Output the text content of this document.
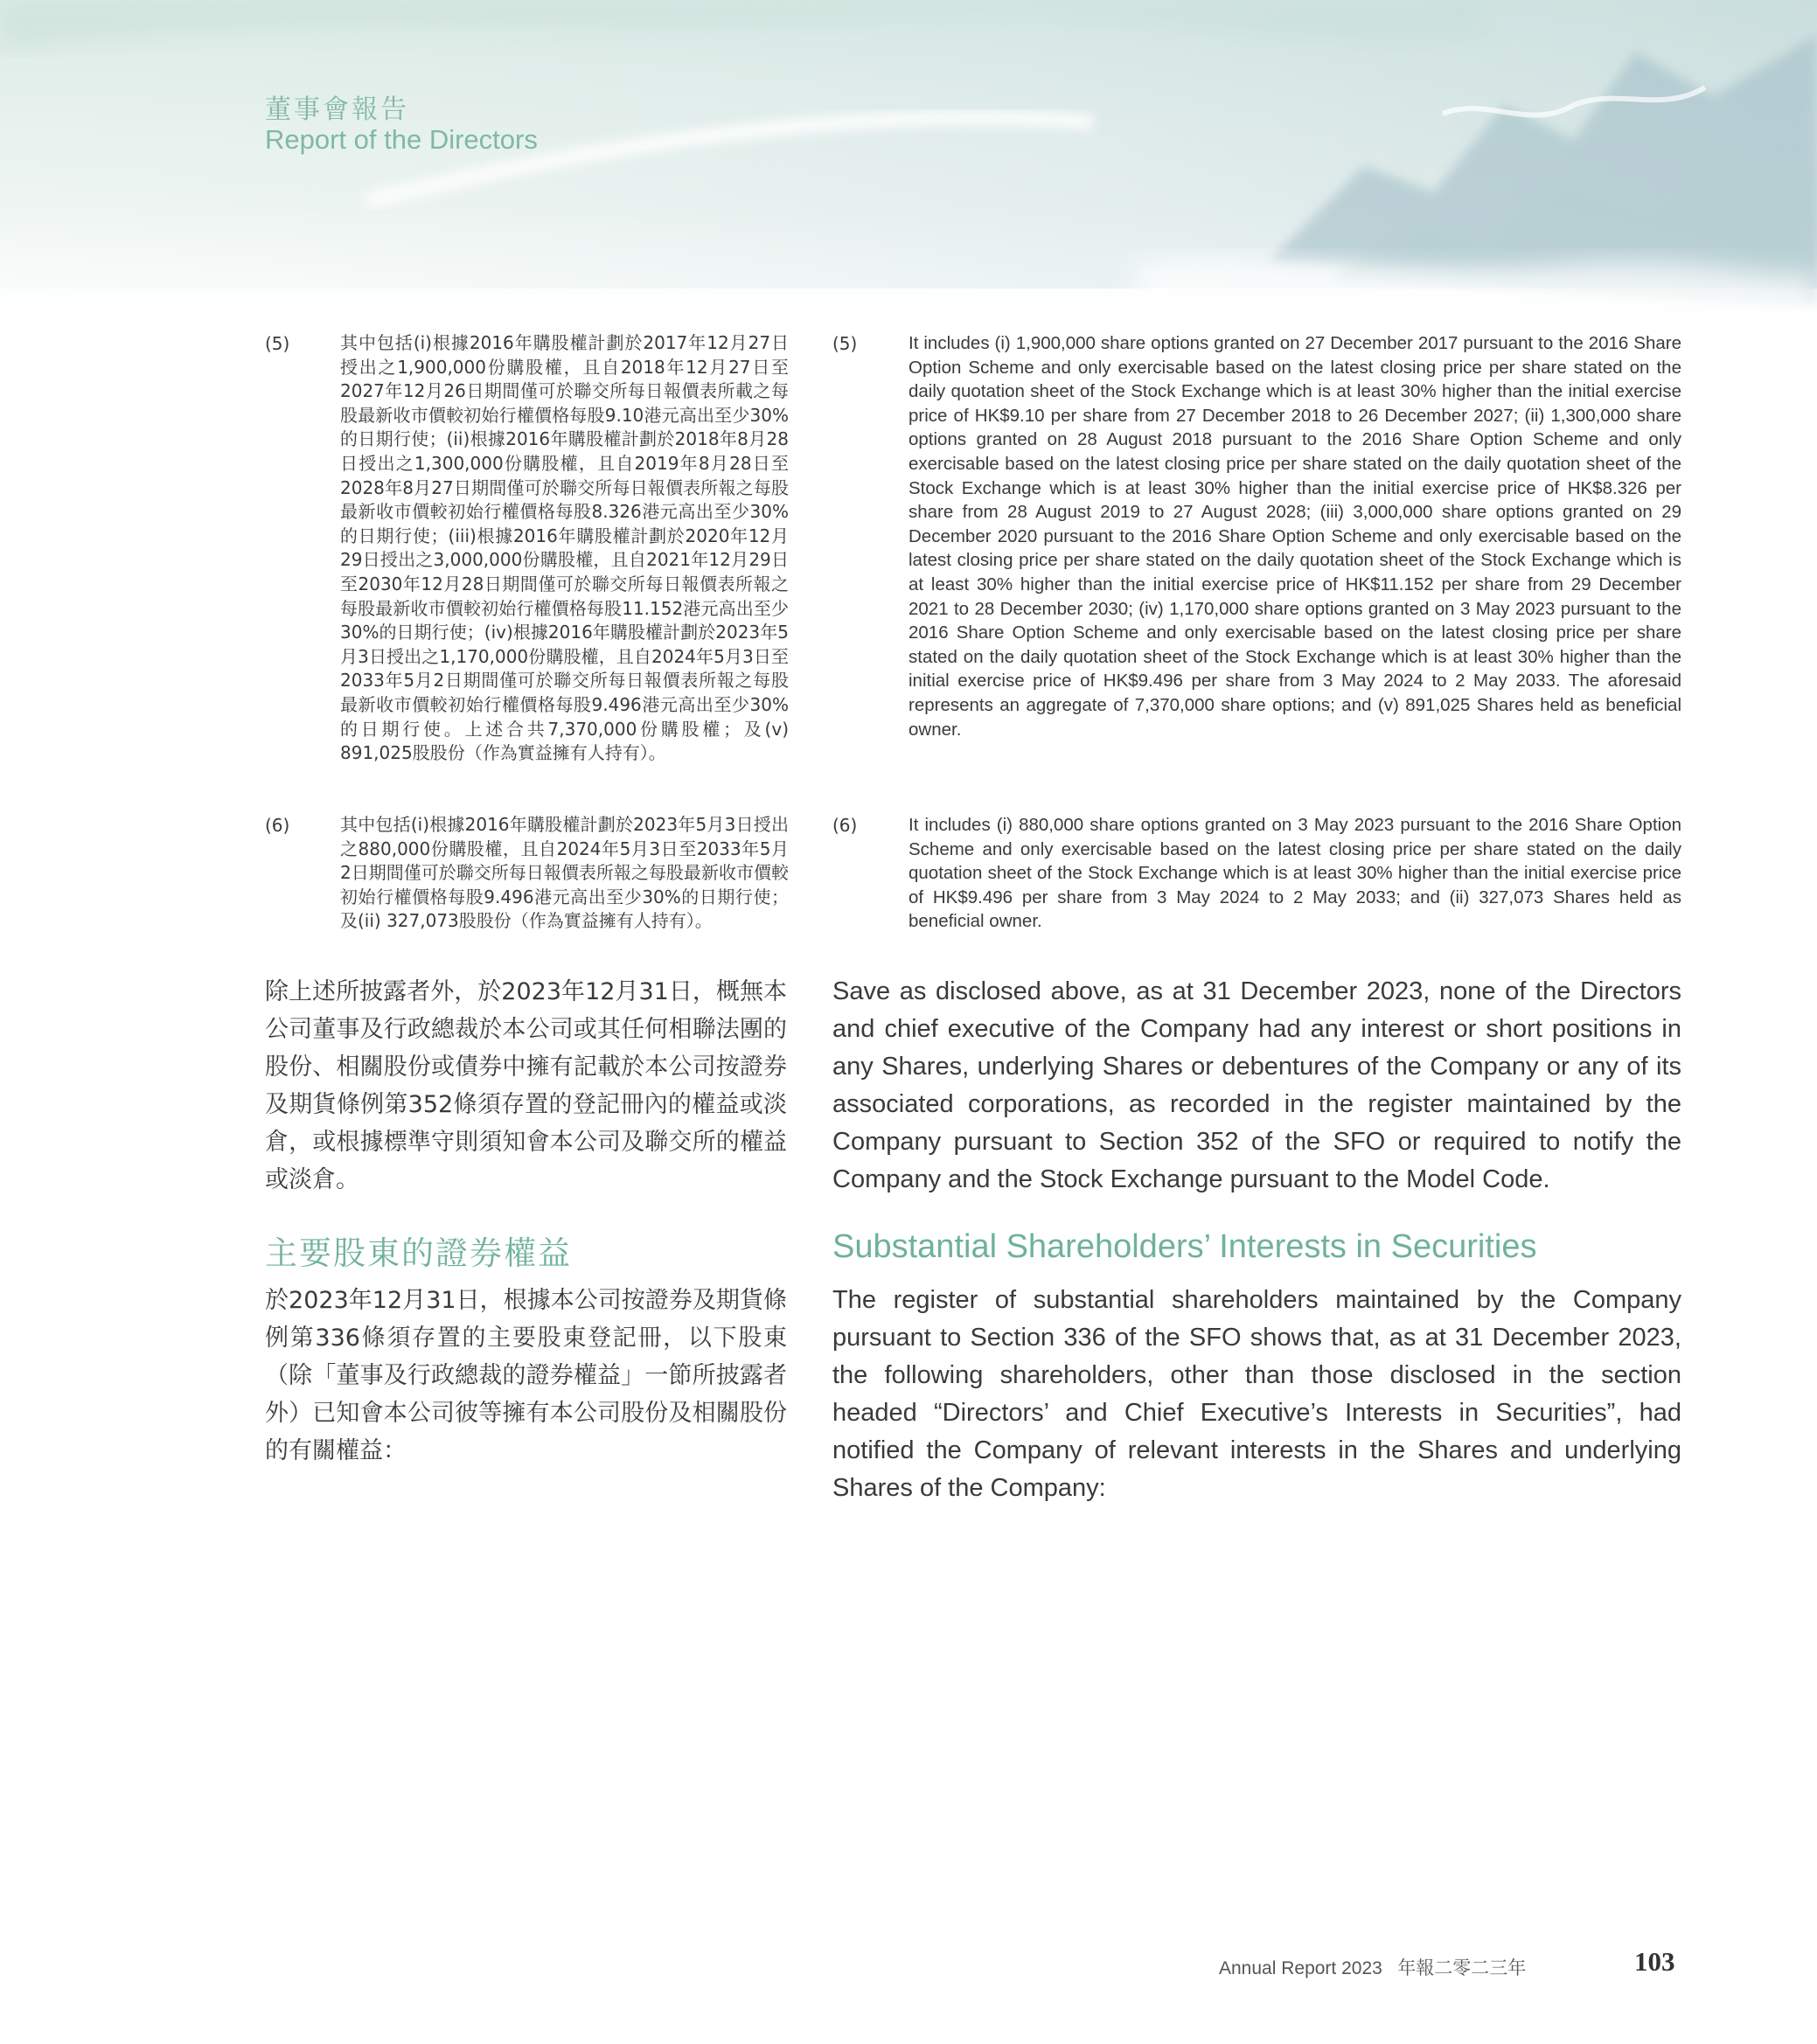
董事會報告
Report of the Directors
(5)	其中包括(i)根據2016年購股權計劃於2017年12月27日授出之1,900,000份購股權，且自2018年12月27日至2027年12月26日期間僅可於聯交所每日報價表所載之每股最新收市價較初始行權價格每股9.10港元高出至少30%的日期行使；(ii)根據2016年購股權計劃於2018年8月28日授出之1,300,000份購股權，且自2019年8月28日至2028年8月27日期間僅可於聯交所每日報價表所報之每股最新收市價較初始行權價格每股8.326港元高出至少30%的日期行使；(iii)根據2016年購股權計劃於2020年12月29日授出之3,000,000份購股權，且自2021年12月29日至2030年12月28日期間僅可於聯交所每日報價表所報之每股最新收市價較初始行權價格每股11.152港元高出至少30%的日期行使；(iv)根據2016年購股權計劃於2023年5月3日授出之1,170,000份購股權，且自2024年5月3日至2033年5月2日期間僅可於聯交所每日報價表所報之每股最新收市價較初始行權價格每股9.496港元高出至少30%的日期行使。上述合共7,370,000份購股權；及(v) 891,025股股份（作為實益擁有人持有）。
(5)	It includes (i) 1,900,000 share options granted on 27 December 2017 pursuant to the 2016 Share Option Scheme and only exercisable based on the latest closing price per share stated on the daily quotation sheet of the Stock Exchange which is at least 30% higher than the initial exercise price of HK$9.10 per share from 27 December 2018 to 26 December 2027; (ii) 1,300,000 share options granted on 28 August 2018 pursuant to the 2016 Share Option Scheme and only exercisable based on the latest closing price per share stated on the daily quotation sheet of the Stock Exchange which is at least 30% higher than the initial exercise price of HK$8.326 per share from 28 August 2019 to 27 August 2028; (iii) 3,000,000 share options granted on 29 December 2020 pursuant to the 2016 Share Option Scheme and only exercisable based on the latest closing price per share stated on the daily quotation sheet of the Stock Exchange which is at least 30% higher than the initial exercise price of HK$11.152 per share from 29 December 2021 to 28 December 2030; (iv) 1,170,000 share options granted on 3 May 2023 pursuant to the 2016 Share Option Scheme and only exercisable based on the latest closing price per share stated on the daily quotation sheet of the Stock Exchange which is at least 30% higher than the initial exercise price of HK$9.496 per share from 3 May 2024 to 2 May 2033. The aforesaid represents an aggregate of 7,370,000 share options; and (v) 891,025 Shares held as beneficial owner.
(6)	其中包括(i)根據2016年購股權計劃於2023年5月3日授出之880,000份購股權，且自2024年5月3日至2033年5月2日期間僅可於聯交所每日報價表所報之每股最新收市價較初始行權價格每股9.496港元高出至少30%的日期行使；及(ii) 327,073股股份（作為實益擁有人持有）。
(6)	It includes (i) 880,000 share options granted on 3 May 2023 pursuant to the 2016 Share Option Scheme and only exercisable based on the latest closing price per share stated on the daily quotation sheet of the Stock Exchange which is at least 30% higher than the initial exercise price of HK$9.496 per share from 3 May 2024 to 2 May 2033; and (ii) 327,073 Shares held as beneficial owner.
除上述所披露者外，於2023年12月31日，概無本公司董事及行政總裁於本公司或其任何相聯法團的股份、相關股份或債券中擁有記載於本公司按證券及期貨條例第352條須存置的登記冊內的權益或淡倉，或根據標準守則須知會本公司及聯交所的權益或淡倉。
Save as disclosed above, as at 31 December 2023, none of the Directors and chief executive of the Company had any interest or short positions in any Shares, underlying Shares or debentures of the Company or any of its associated corporations, as recorded in the register maintained by the Company pursuant to Section 352 of the SFO or required to notify the Company and the Stock Exchange pursuant to the Model Code.
主要股東的證券權益	Substantial Shareholders’ Interests in Securities
於2023年12月31日，根據本公司按證券及期貨條例第336條須存置的主要股東登記冊，以下股東（除「董事及行政總裁的證券權益」一節所披露者外）已知會本公司彼等擁有本公司股份及相關股份的有關權益：
The register of substantial shareholders maintained by the Company pursuant to Section 336 of the SFO shows that, as at 31 December 2023, the following shareholders, other than those disclosed in the section headed “Directors’ and Chief Executive’s Interests in Securities”, had notified the Company of relevant interests in the Shares and underlying Shares of the Company:
Annual Report 2023   年報二零二三年	103
